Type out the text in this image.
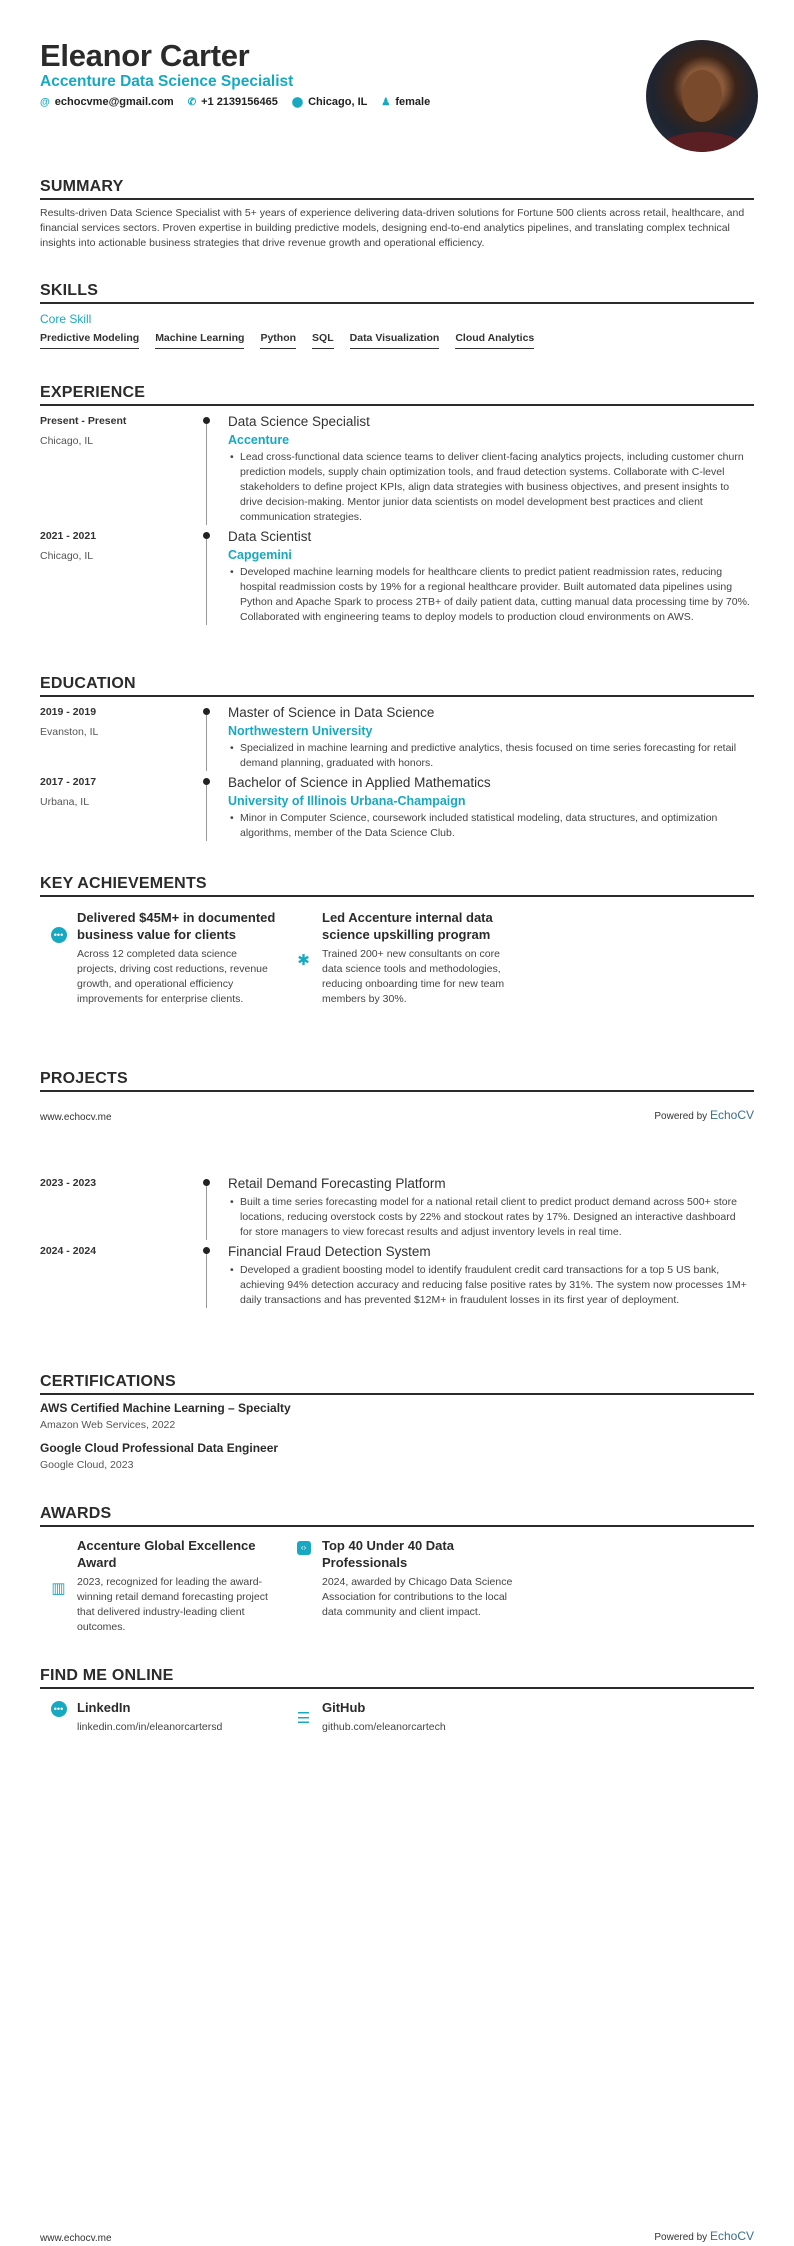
Eleanor Carter
Accenture Data Science Specialist
@ echocvme@gmail.com ✆ +1 2139156465 ⬤ Chicago, IL ♟ female
SUMMARY
Results-driven Data Science Specialist with 5+ years of experience delivering data-driven solutions for Fortune 500 clients across retail, healthcare, and financial services sectors. Proven expertise in building predictive models, designing end-to-end analytics pipelines, and translating complex technical insights into actionable business strategies that drive revenue growth and operational efficiency.
SKILLS
Core Skill
Predictive Modeling Machine Learning Python SQL Data Visualization Cloud Analytics
EXPERIENCE
Present - Present
Chicago, IL
Data Science Specialist
Accenture
• Lead cross-functional data science teams to deliver client-facing analytics projects, including customer churn prediction models, supply chain optimization tools, and fraud detection systems. Collaborate with C-level stakeholders to define project KPIs, align data strategies with business objectives, and present insights to drive decision-making. Mentor junior data scientists on model development best practices and client communication strategies.
2021 - 2021
Chicago, IL
Data Scientist
Capgemini
• Developed machine learning models for healthcare clients to predict patient readmission rates, reducing hospital readmission costs by 19% for a regional healthcare provider. Built automated data pipelines using Python and Apache Spark to process 2TB+ of daily patient data, cutting manual data processing time by 70%. Collaborated with engineering teams to deploy models to production cloud environments on AWS.
EDUCATION
2019 - 2019
Evanston, IL
Master of Science in Data Science
Northwestern University
• Specialized in machine learning and predictive analytics, thesis focused on time series forecasting for retail demand planning, graduated with honors.
2017 - 2017
Urbana, IL
Bachelor of Science in Applied Mathematics
University of Illinois Urbana-Champaign
• Minor in Computer Science, coursework included statistical modeling, data structures, and optimization algorithms, member of the Data Science Club.
KEY ACHIEVEMENTS
•••
Delivered $45M+ in documented business value for clients
Across 12 completed data science projects, driving cost reductions, revenue growth, and operational efficiency improvements for enterprise clients.
✱
Led Accenture internal data science upskilling program
Trained 200+ new consultants on core data science tools and methodologies, reducing onboarding time for new team members by 30%.
PROJECTS
www.echocv.me	Powered by EchoCV
2023 - 2023	Retail Demand Forecasting Platform
• Built a time series forecasting model for a national retail client to predict product demand across 500+ store locations, reducing overstock costs by 22% and stockout rates by 17%. Designed an interactive dashboard for store managers to view forecast results and adjust inventory levels in real time.
2024 - 2024	Financial Fraud Detection System
• Developed a gradient boosting model to identify fraudulent credit card transactions for a top 5 US bank, achieving 94% detection accuracy and reducing false positive rates by 31%. The system now processes 1M+ daily transactions and has prevented $12M+ in fraudulent losses in its first year of deployment.
CERTIFICATIONS
AWS Certified Machine Learning – Specialty
Amazon Web Services, 2022
Google Cloud Professional Data Engineer
Google Cloud, 2023
AWARDS
▥
Accenture Global Excellence Award
2023, recognized for leading the award-winning retail demand forecasting project that delivered industry-leading client outcomes.
‹›	Top 40 Under 40 Data Professionals
2024, awarded by Chicago Data Science Association for contributions to the local data community and client impact.
FIND ME ONLINE
••• LinkedIn
linkedin.com/in/eleanorcartersd	☰
GitHub
github.com/eleanorcartech
www.echocv.me	Powered by EchoCV
